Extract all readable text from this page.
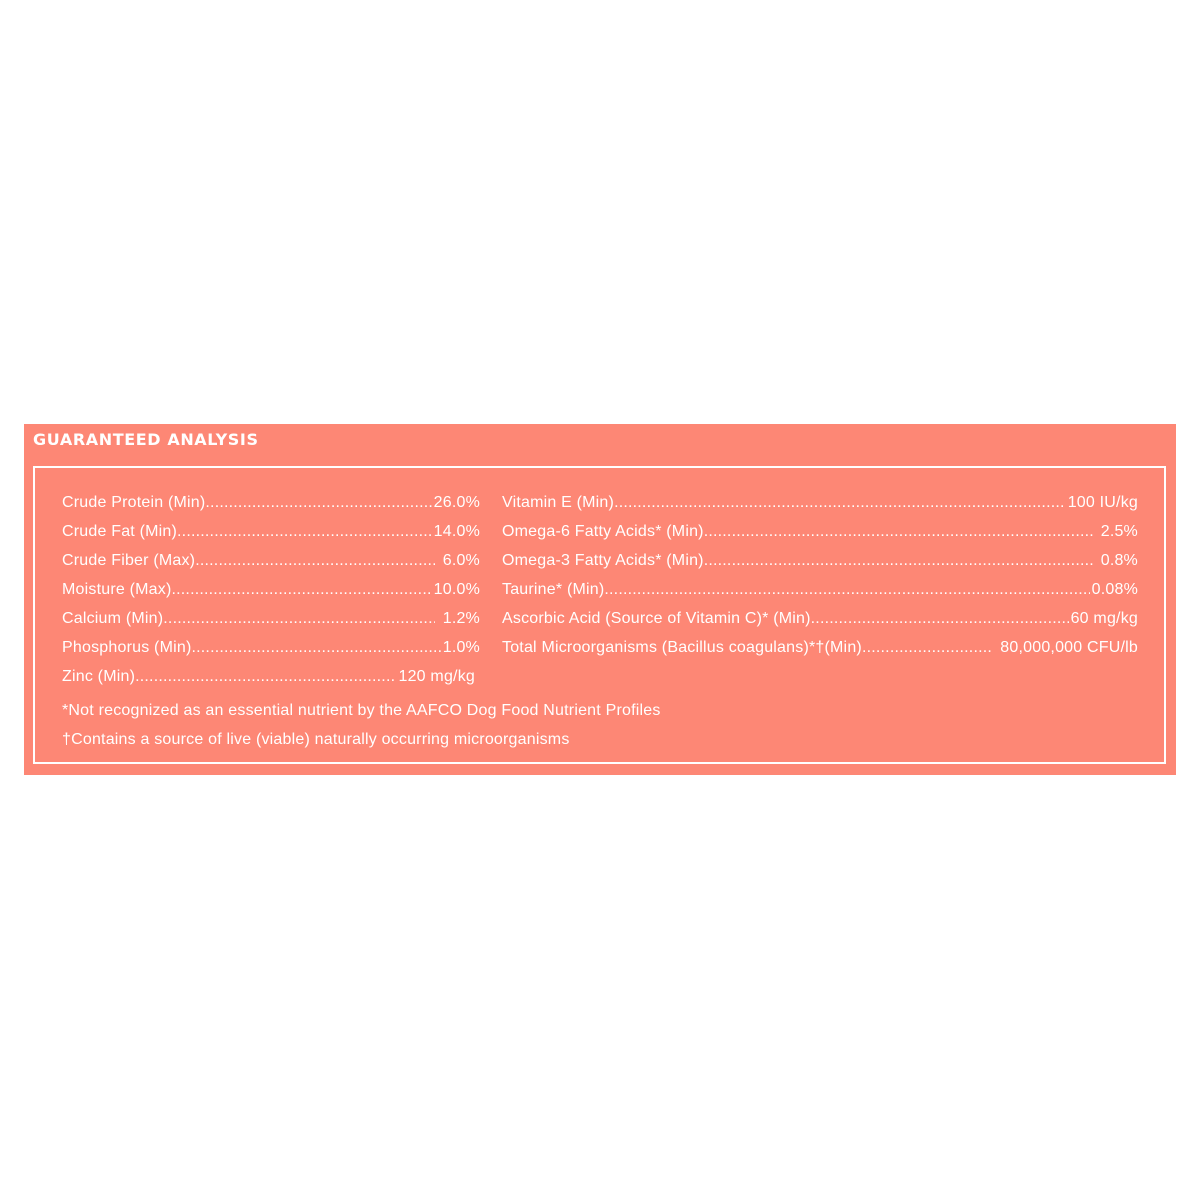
GUARANTEED ANALYSIS
Crude Protein (Min) .....	26.0%
Crude Fat (Min) .....	14.0%
Crude Fiber (Max) .....	6.0%
Moisture (Max) .....	10.0%
Calcium (Min) .....	1.2%
Phosphorus (Min) .....	1.0%
Zinc (Min) .....	120 mg/kg
Vitamin E (Min) .....	100 IU/kg
Omega-6 Fatty Acids* (Min) .....	2.5%
Omega-3 Fatty Acids* (Min) .....	0.8%
Taurine* (Min) .....	0.08%
Ascorbic Acid (Source of Vitamin C)* (Min) .....	60 mg/kg
Total Microorganisms (Bacillus coagulans)*†(Min) .....	80,000,000 CFU/lb
*Not recognized as an essential nutrient by the AAFCO Dog Food Nutrient Profiles
†Contains a source of live (viable) naturally occurring microorganisms
